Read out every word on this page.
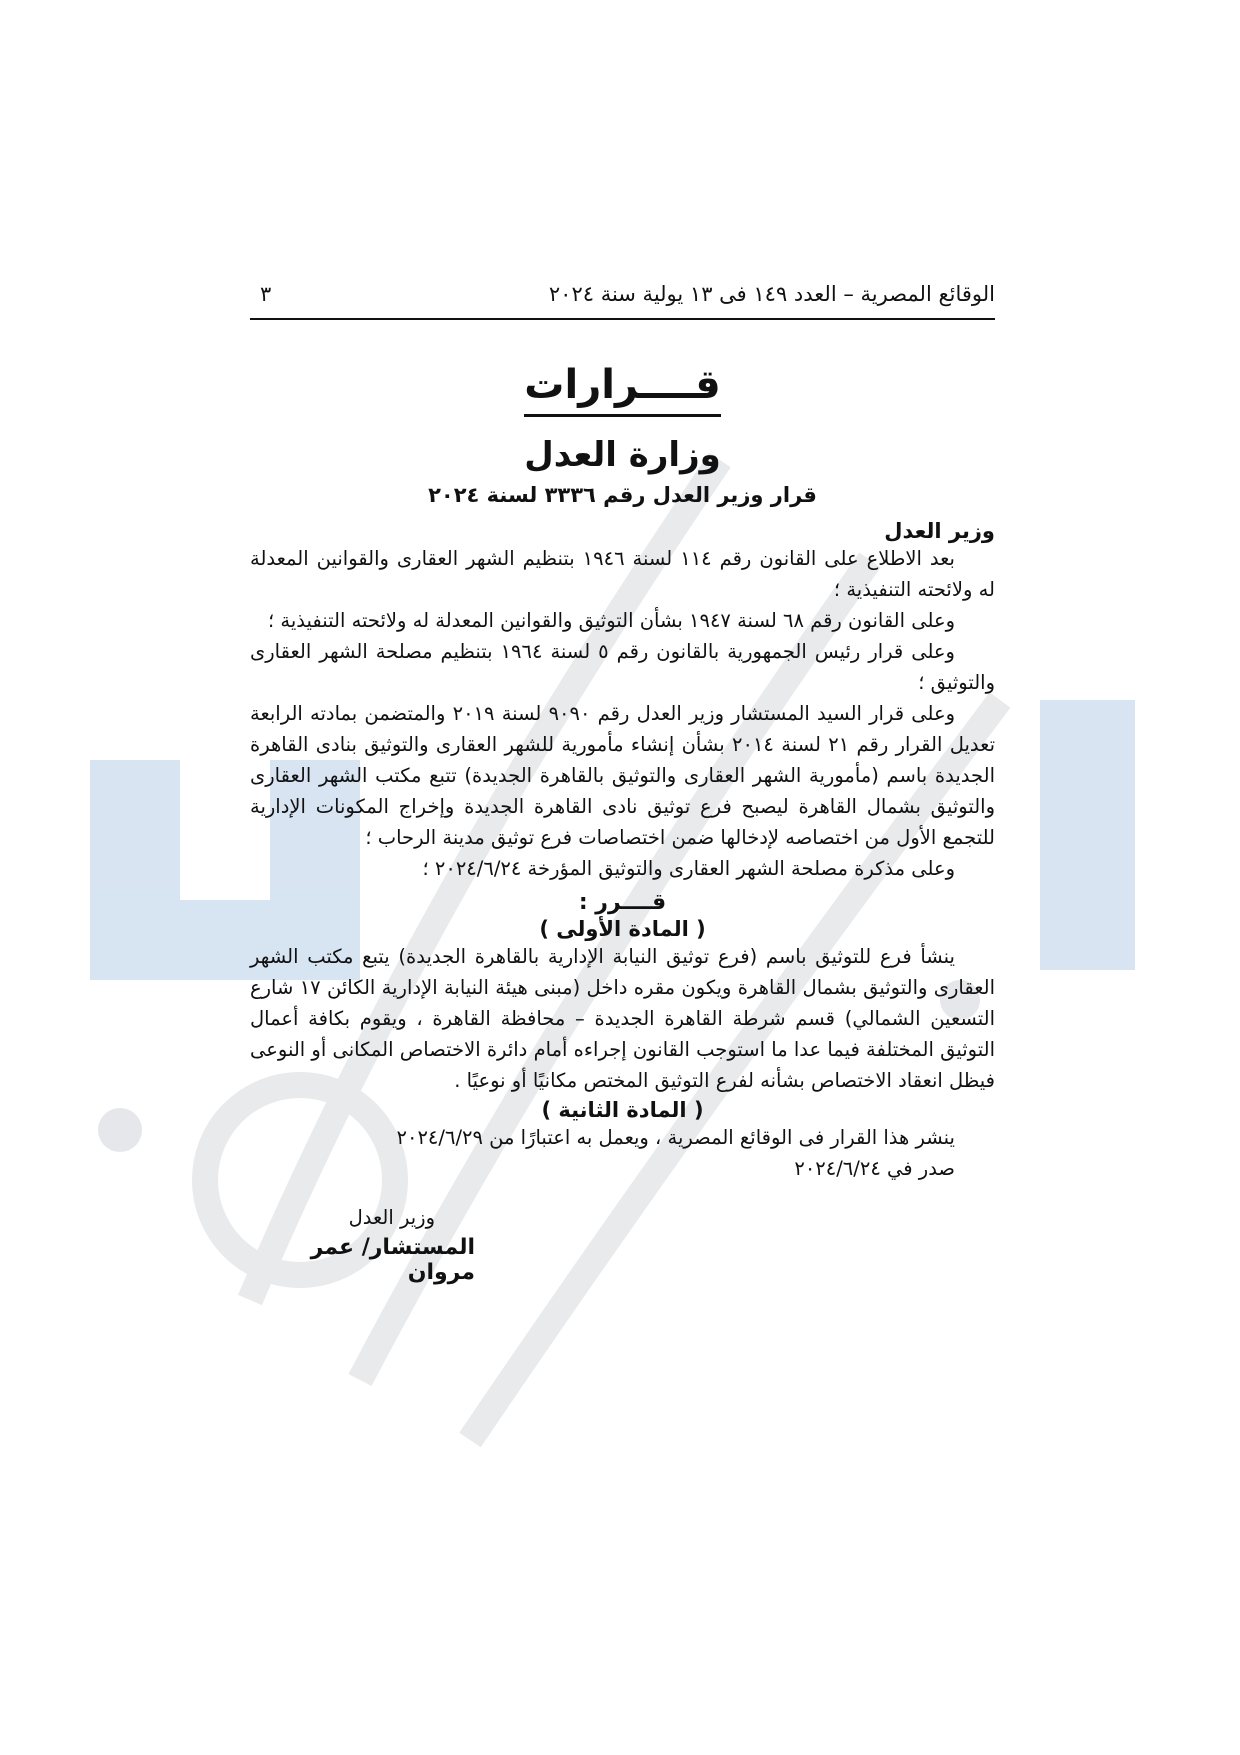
الوقائع المصرية – العدد ١٤٩ فى ١٣ يولية سنة ٢٠٢٤
٣
قــــرارات
وزارة العدل
قرار وزير العدل رقم ٣٣٣٦ لسنة ٢٠٢٤
وزير العدل

بعد الاطلاع على القانون رقم ١١٤ لسنة ١٩٤٦ بتنظيم الشهر العقارى والقوانين المعدلة له ولائحته التنفيذية ؛

وعلى القانون رقم ٦٨ لسنة ١٩٤٧ بشأن التوثيق والقوانين المعدلة له ولائحته التنفيذية ؛

وعلى قرار رئيس الجمهورية بالقانون رقم ٥ لسنة ١٩٦٤ بتنظيم مصلحة الشهر العقارى والتوثيق ؛

وعلى قرار السيد المستشار وزير العدل رقم ٩٠٩٠ لسنة ٢٠١٩ والمتضمن بمادته الرابعة تعديل القرار رقم ٢١ لسنة ٢٠١٤ بشأن إنشاء مأمورية للشهر العقارى والتوثيق بنادى القاهرة الجديدة باسم (مأمورية الشهر العقارى والتوثيق بالقاهرة الجديدة) تتبع مكتب الشهر العقارى والتوثيق بشمال القاهرة ليصبح فرع توثيق نادى القاهرة الجديدة وإخراج المكونات الإدارية للتجمع الأول من اختصاصه لإدخالها ضمن اختصاصات فرع توثيق مدينة الرحاب ؛

وعلى مذكرة مصلحة الشهر العقارى والتوثيق المؤرخة ٢٠٢٤/٦/٢٤ ؛

قــــرر :
( المادة الأولى )

ينشأ فرع للتوثيق باسم (فرع توثيق النيابة الإدارية بالقاهرة الجديدة) يتبع مكتب الشهر العقارى والتوثيق بشمال القاهرة ويكون مقره داخل (مبنى هيئة النيابة الإدارية الكائن ١٧ شارع التسعين الشمالي) قسم شرطة القاهرة الجديدة – محافظة القاهرة ، ويقوم بكافة أعمال التوثيق المختلفة فيما عدا ما استوجب القانون إجراءه أمام دائرة الاختصاص المكانى أو النوعى فيظل انعقاد الاختصاص بشأنه لفرع التوثيق المختص مكانيًا أو نوعيًا .

( المادة الثانية )

ينشر هذا القرار فى الوقائع المصرية ، ويعمل به اعتبارًا من ٢٠٢٤/٦/٢٩

صدر في ٢٠٢٤/٦/٢٤
وزير العدل
المستشار/ عمر مروان
